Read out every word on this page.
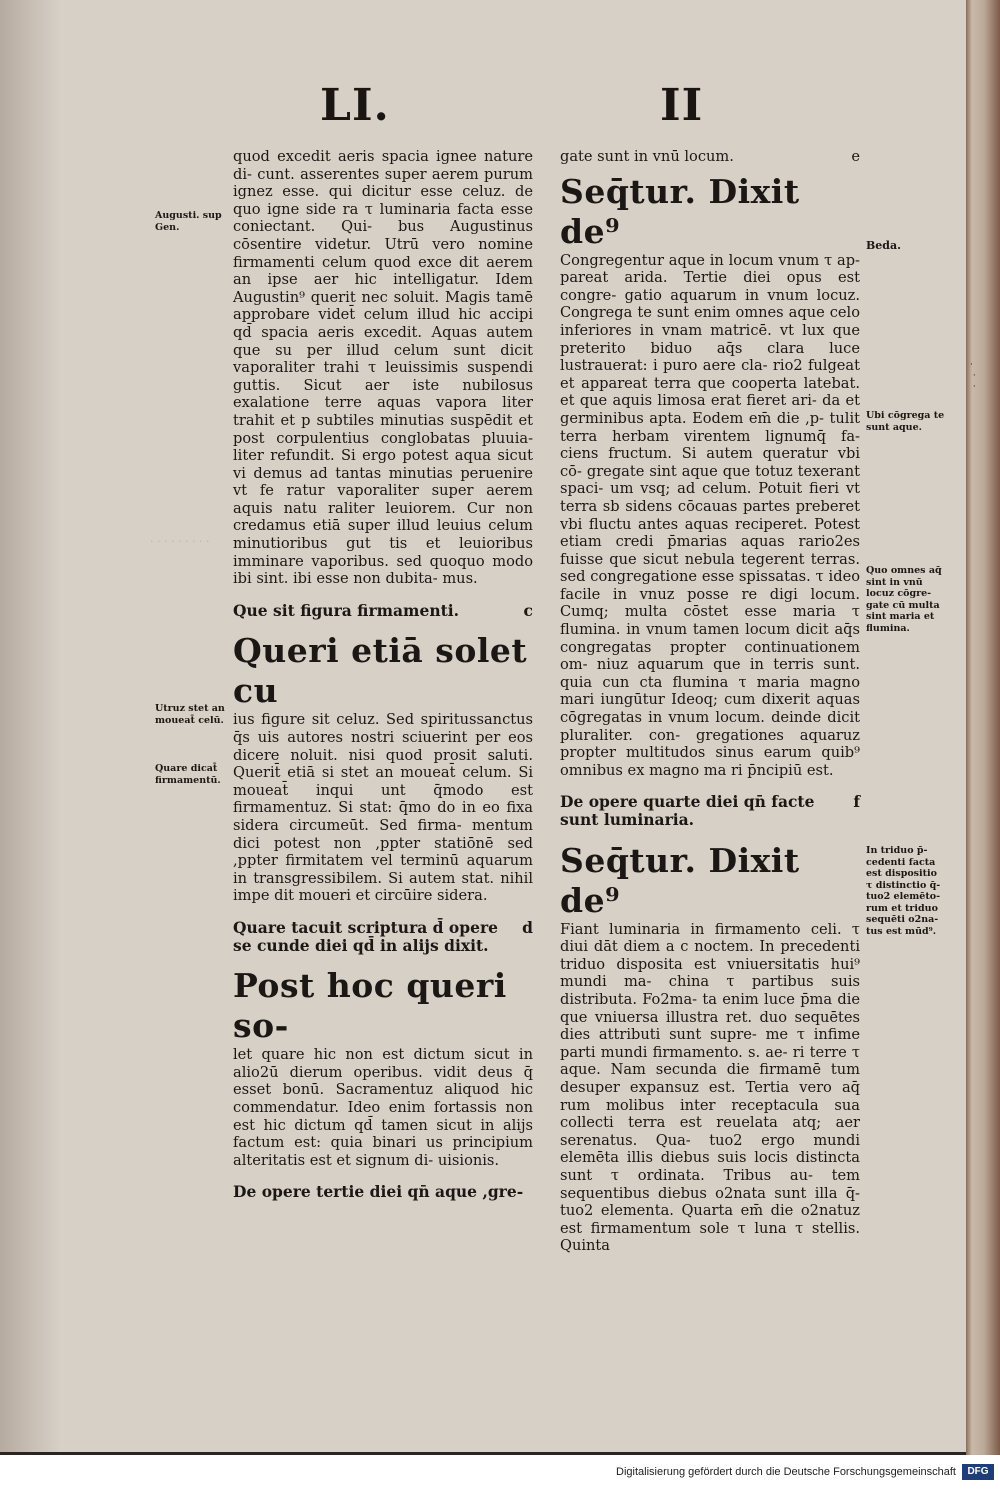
LI.	II
· · · · · · · · ·

quod excedit aeris spacia ignee nature di- cunt. asserentes super aerem purum ignez esse. qui dicitur esse celuz. de quo igne side ra τ luminaria facta esse coniectant. Qui- bus Augustinus cōsentire videtur. Utrū vero nomine firmamenti celum quod exce dit aerem an ipse aer hic intelligatur. Idem Augustin⁹ querit nec soluit. Magis tamē approbare videt̄ celum illud hic accipi qd̄ spacia aeris excedit. Aquas autem que su per illud celum sunt dicit vaporaliter trahi τ leuissimis suspendi guttis. Sicut aer iste nubilosus exalatione terre aquas vapora liter trahit et p subtiles minutias suspēdit et post corpulentius conglobatas pluuia- liter refundit. Si ergo potest aqua sicut vi demus ad tantas minutias peruenire vt fe ratur vaporaliter super aerem aquis natu raliter leuiorem. Cur non credamus etiā super illud leuius celum minutioribus gut tis et leuioribus imminare vaporibus. sed quoquo modo ibi sint. ibi esse non dubita- mus.

Que sit figura firmamenti.	c

Queri etiā solet cu

ius figure sit celuz. Sed spiritussanctus q̄s uis autores nostri sciuerint per eos dicere noluit. nisi quod prosit saluti. Querit̄ etiā si stet an moueat̄ celum. Si moueat̄ inqui unt q̄modo est firmamentuz. Si stat: q̄mo do in eo fixa sidera circumeūt. Sed firma- mentum dici potest non ,ppter statiōnē sed ,ppter firmitatem vel terminū aquarum in transgressibilem. Si autem stat. nihil impe dit moueri et circūire sidera.

Quare tacuit scriptura d̄ opere se cunde diei qd̄ in alijs dixit.
d

Post hoc queri so-

let quare hic non est dictum sicut in alio2ū dierum operibus. vidit deus q̄ esset bonū. Sacramentuz aliquod hic commendatur. Ideo enim fortassis non est hic dictum qd̄ tamen sicut in alijs factum est: quia binari us principium alteritatis est et signum di- uisionis.

De opere tertie diei qn̄ aque ,gre-

gate sunt in vnū locum.	e

Seq̄tur. Dixit de⁹

Congregentur aque in locum vnum τ ap- pareat arida. Tertie diei opus est congre- gatio aquarum in vnum locuz. Congrega te sunt enim omnes aque celo inferiores in vnam matricē. vt lux que preterito biduo aq̄s clara luce lustrauerat: i puro aere cla- rio2 fulgeat et appareat terra que cooperta latebat. et que aquis limosa erat fieret ari- da et germinibus apta. Eodem em̄ die ,p- tulit terra herbam virentem lignumq̄ fa- ciens fructum. Si autem queratur vbi cō- gregate sint aque que totuz texerant spaci- um vsq; ad celum. Potuit fieri vt terra sb sidens cōcauas partes preberet vbi fluctu antes aquas reciperet. Potest etiam credi p̄marias aquas rario2es fuisse que sicut nebula tegerent terras. sed congregatione esse spissatas. τ ideo facile in vnuz posse re digi locum. Cumq; multa cōstet esse maria τ flumina. in vnum tamen locum dicit aq̄s congregatas propter continuationem om- niuz aquarum que in terris sunt. quia cun cta flumina τ maria magno mari iungūtur Ideoq; cum dixerit aquas cōgregatas in vnum locum. deinde dicit pluraliter. con- gregationes aquaruz propter multitudos sinus earum quib⁹ omnibus ex magno ma ri p̄ncipiū est.

De opere quarte diei qn̄ facte sunt luminaria.
f

Seq̄tur. Dixit de⁹

Fiant luminaria in firmamento celi. τ diui dāt diem a c noctem. In precedenti triduo disposita est vniuersitatis hui⁹ mundi ma- china τ partibus suis distributa. Fo2ma- ta enim luce p̄ma die que vniuersa illustra ret. duo sequētes dies attributi sunt supre- me τ infime parti mundi firmamento. s. ae- ri terre τ aque. Nam secunda die firmamē tum desuper expansuz est. Tertia vero aq̄ rum molibus inter receptacula sua collecti terra est reuelata atq; aer serenatus. Qua- tuo2 ergo mundi elemēta illis diebus suis locis distincta sunt τ ordinata. Tribus au- tem sequentibus diebus o2nata sunt illa q̄- tuo2 elementa. Quarta em̄ die o2natuz est firmamentum sole τ luna τ stellis. Quinta

Augusti. sup Gen.
Utruz stet an moueat̄ celū.
Quare dicat̄ firmamentū.
Beda.
Ubi cōgrega te sunt aque.
Quo omnes aq̄ sint in vnū locuz cōgre- gate cū multa sint maria et flumina.
In triduo p̄- cedenti facta est dispositio τ distinctio q̄- tuo2 elemēto- rum et triduo sequēti o2na- tus est mūd⁹.
·
·
·
Digitalisierung gefördert durch die Deutsche Forschungsgemeinschaft	DFG
